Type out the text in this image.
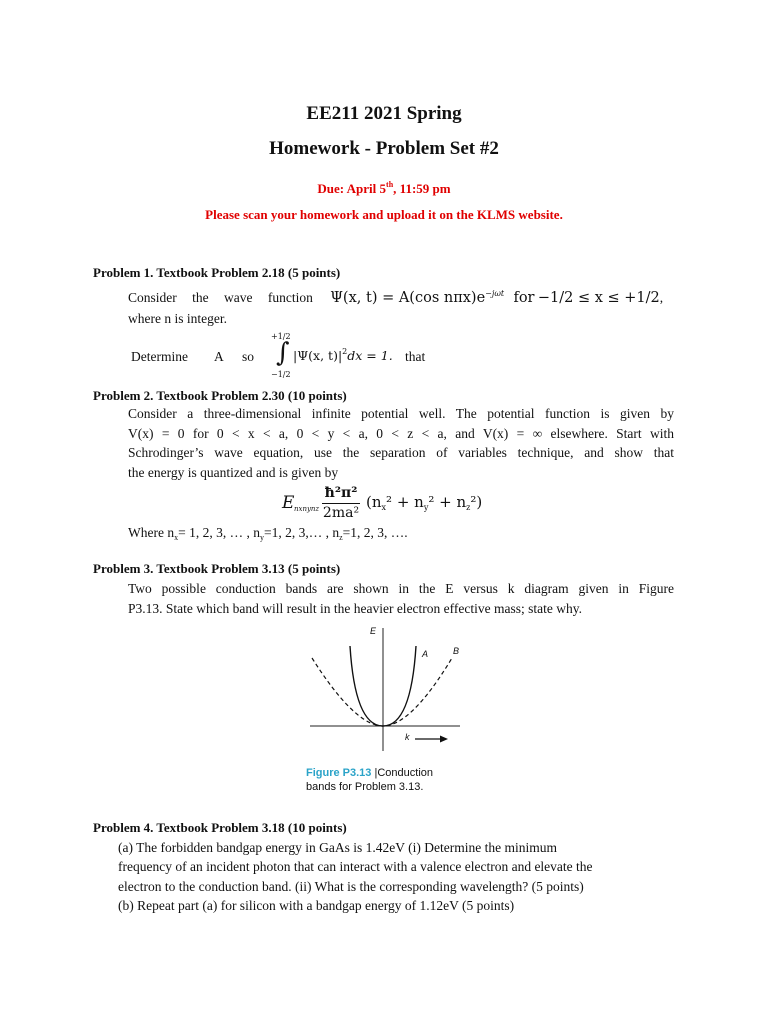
EE211 2021 Spring
Homework - Problem Set #2
Due: April 5th, 11:59 pm
Please scan your homework and upload it on the KLMS website.
Problem 1. Textbook Problem 2.18 (5 points)
Consider the wave function Ψ(x, t) = A(cos $n\pi x)e^{-j\omega t}$ for −1/2 ≤ x ≤ +1/2,
where n is integer.
Determine A so
+1/2
∫
−1/2
|Ψ(x, $t)|^2dx = 1$. that
Problem 2. Textbook Problem 2.30 (10 points)
Consider a three-dimensional infinite potential well. The potential function is given by
V(x) = 0 for 0 < x < a, 0 < y < a, 0 < z < a, and V(x) = ∞ elsewhere. Start with
Schrodinger’s wave equation, use the separation of variables technique, and show that
the energy is quantized and is given by
E nxnynz
ħ²π²
2ma²
$(n_x^2 + n_y^2 + n_z^2)$
Where $n_x= 1$, 2, 3, … , $n_y=1$, 2, 3,… , $n_z=1$, 2, 3, ….
Problem 3. Textbook Problem 3.13 (5 points)
Two possible conduction bands are shown in the E versus k diagram given in Figure
P3.13. State which band will result in the heavier electron effective mass; state why.
E
k
A	B
Figure P3.13 |Conduction
bands for Problem 3.13.
Problem 4. Textbook Problem 3.18 (10 points)
(a) The forbidden bandgap energy in GaAs is 1.42eV (i) Determine the minimum
frequency of an incident photon that can interact with a valence electron and elevate the
electron to the conduction band. (ii) What is the corresponding wavelength? (5 points)
(b) Repeat part (a) for silicon with a bandgap energy of 1.12eV (5 points)
